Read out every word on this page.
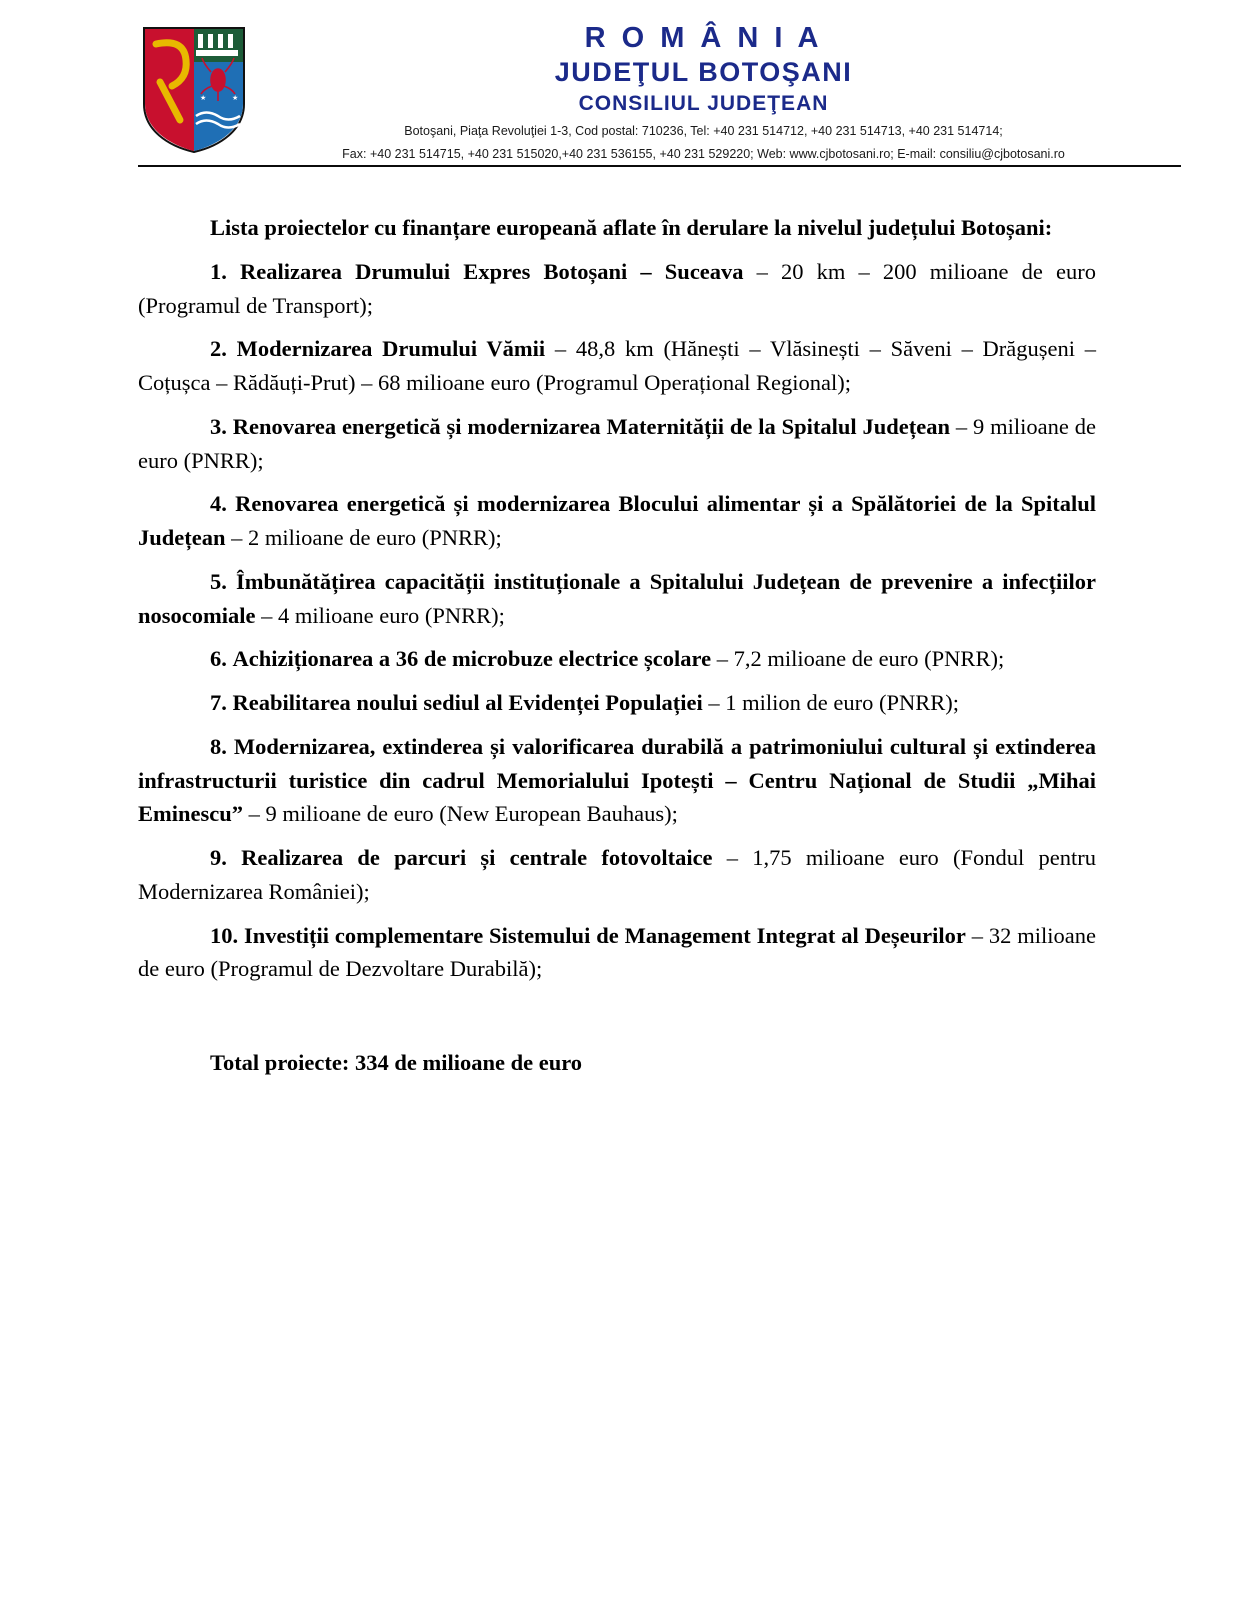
★	★
R O M Â N I A
JUDEŢUL BOTOŞANI
CONSILIUL JUDEŢEAN
Botoşani, Piaţa Revoluţiei 1-3, Cod postal: 710236, Tel: +40 231 514712, +40 231 514713, +40 231 514714;
Fax: +40 231 514715, +40 231 515020,+40 231 536155, +40 231 529220; Web: www.cjbotosani.ro; E-mail: consiliu@cjbotosani.ro

Lista proiectelor cu finanțare europeană aflate în derulare la nivelul județului Botoșani:

1. Realizarea Drumului Expres Botoșani – Suceava – 20 km – 200 milioane de euro (Programul de Transport);

2. Modernizarea Drumului Vămii – 48,8 km (Hănești – Vlăsinești – Săveni – Drăgușeni – Coțușca – Rădăuți-Prut) – 68 milioane euro (Programul Operațional Regional);

3. Renovarea energetică și modernizarea Maternității de la Spitalul Județean – 9 milioane de euro (PNRR);

4. Renovarea energetică și modernizarea Blocului alimentar și a Spălătoriei de la Spitalul Județean – 2 milioane de euro (PNRR);

5. Îmbunătățirea capacității instituționale a Spitalului Județean de prevenire a infecțiilor nosocomiale – 4 milioane euro (PNRR);

6. Achiziționarea a 36 de microbuze electrice școlare – 7,2 milioane de euro (PNRR);

7. Reabilitarea noului sediul al Evidenței Populației – 1 milion de euro (PNRR);

8. Modernizarea, extinderea și valorificarea durabilă a patrimoniului cultural și extinderea infrastructurii turistice din cadrul Memorialului Ipotești – Centru Național de Studii „Mihai Eminescu” – 9 milioane de euro (New European Bauhaus);

9. Realizarea de parcuri și centrale fotovoltaice – 1,75 milioane euro (Fondul pentru Modernizarea României);

10. Investiții complementare Sistemului de Management Integrat al Deșeurilor – 32 milioane de euro (Programul de Dezvoltare Durabilă);

Total proiecte: 334 de milioane de euro
